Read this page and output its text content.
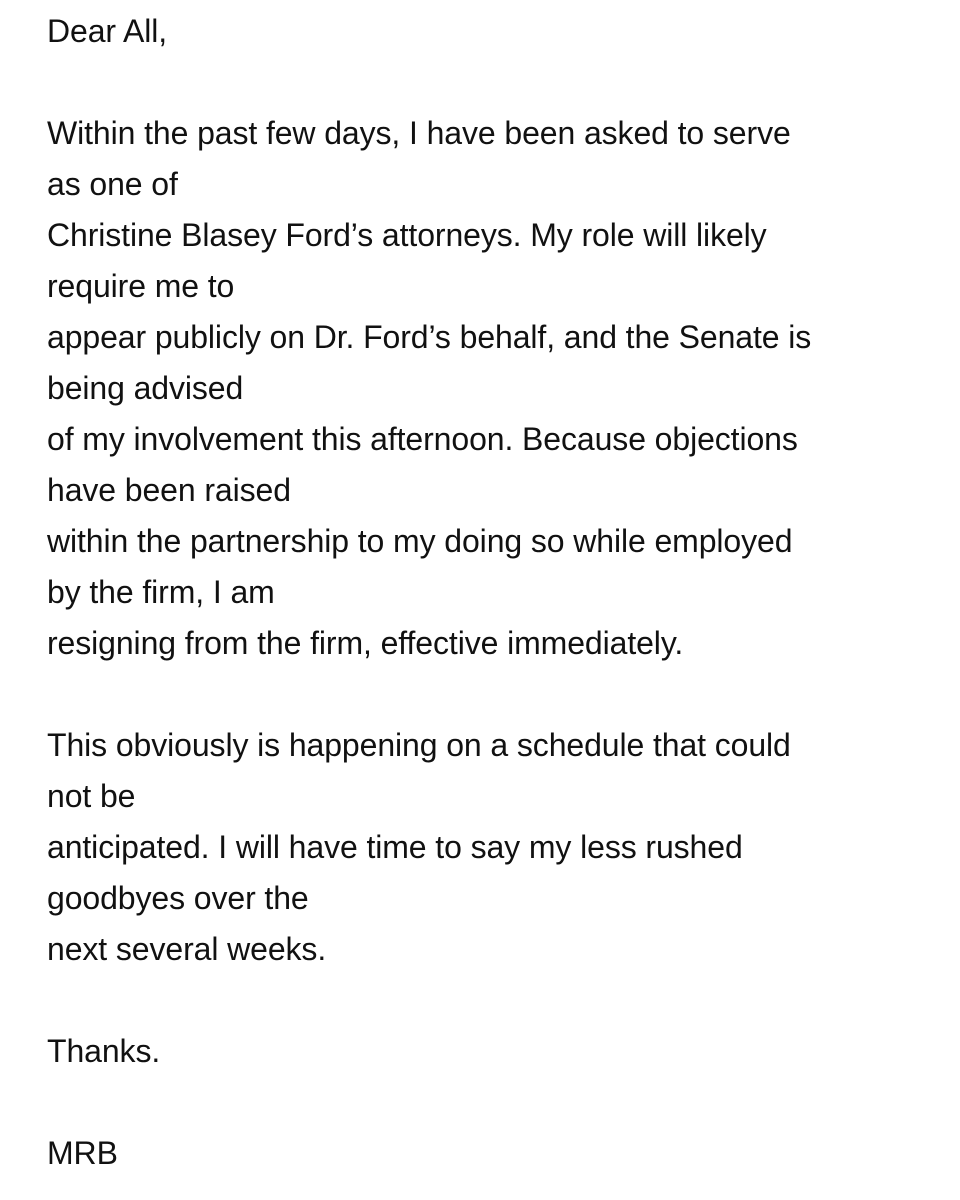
Dear All,
Within the past few days, I have been asked to serve
as one of
Christine Blasey Ford’s attorneys. My role will likely
require me to
appear publicly on Dr. Ford’s behalf, and the Senate is
being advised
of my involvement this afternoon. Because objections
have been raised
within the partnership to my doing so while employed
by the firm, I am
resigning from the firm, effective immediately.
This obviously is happening on a schedule that could
not be
anticipated. I will have time to say my less rushed
goodbyes over the
next several weeks.
Thanks.
MRB
